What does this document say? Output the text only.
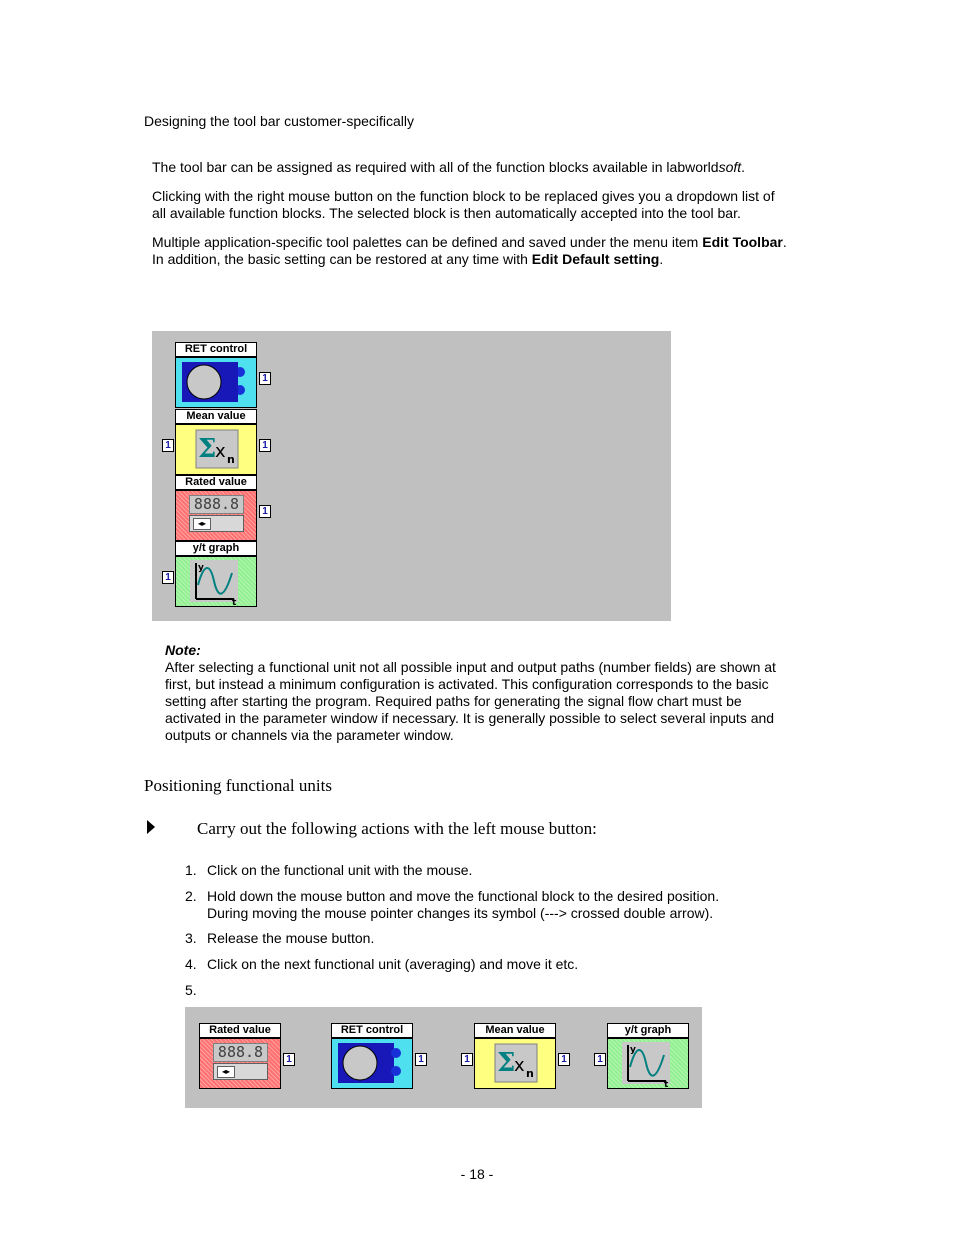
Designing the tool bar customer-specifically
The tool bar can be assigned as required with all of the function blocks available in labworldsoft.
Clicking with the right mouse button on the function block to be replaced gives you a dropdown list of all available function blocks. The selected block is then automatically accepted into the tool bar.
Multiple application-specific tool palettes can be defined and saved under the menu item Edit Toolbar. In addition, the basic setting can be restored at any time with Edit Default setting.
RET control
1
Mean value
Σ
x n
1	1
Rated value
888.8
◂▸
1
y/t graph
y
t
1
Note:
After selecting a functional unit not all possible input and output paths (number fields) are shown at first, but instead a minimum configuration is activated. This configuration corresponds to the basic setting after starting the program. Required paths for generating the signal flow chart must be activated in the parameter window if necessary. It is generally possible to select several inputs and outputs or channels via the parameter window.
Positioning functional units
Carry out the following actions with the left mouse button:
1. Click on the functional unit with the mouse.
2. Hold down the mouse button and move the functional block to the desired position. During moving the mouse pointer changes its symbol (---> crossed double arrow).
3. Release the mouse button.
4. Click on the next functional unit (averaging) and move it etc.
5.
Rated value
888.8
◂▸
1
RET control
1
Mean value
Σ
x n
1	1
y/t graph
y
t
1
- 18 -
